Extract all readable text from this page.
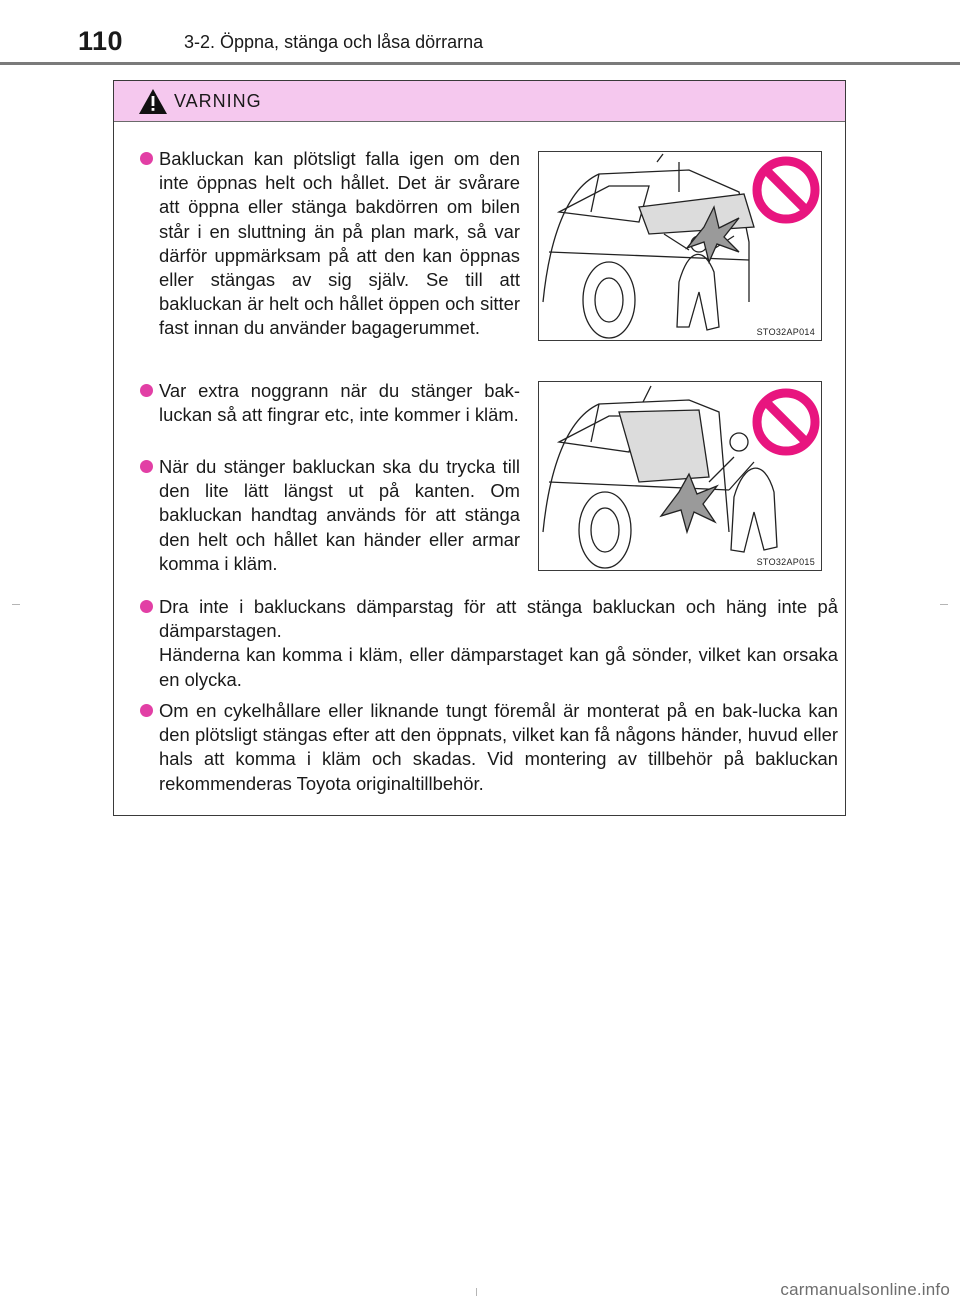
110	3-2. Öppna, stänga och låsa dörrarna
VARNING

Bakluckan kan plötsligt falla igen om den inte öppnas helt och hållet. Det är svårare att öppna eller stänga bakdörren om bilen står i en sluttning än på plan mark, så var därför uppmärksam på att den kan öppnas eller stängas av sig själv. Se till att bakluckan är helt och hållet öppen och sitter fast innan du använder bagagerummet.

Var extra noggrann när du stänger bak-luckan så att fingrar etc, inte kommer i kläm.

När du stänger bakluckan ska du trycka till den lite lätt längst ut på kanten. Om bakluckan handtag används för att stänga den helt och hållet kan händer eller armar komma i kläm.

Dra inte i bakluckans dämparstag för att stänga bakluckan och häng inte på dämparstagen.

Händerna kan komma i kläm, eller dämparstaget kan gå sönder, vilket kan orsaka en olycka.

Om en cykelhållare eller liknande tungt föremål är monterat på en bak-lucka kan den plötsligt stängas efter att den öppnats, vilket kan få någons händer, huvud eller hals att komma i kläm och skadas. Vid montering av tillbehör på bakluckan rekommenderas Toyota originaltillbehör.

STO32AP014
STO32AP015
carmanualsonline.info
